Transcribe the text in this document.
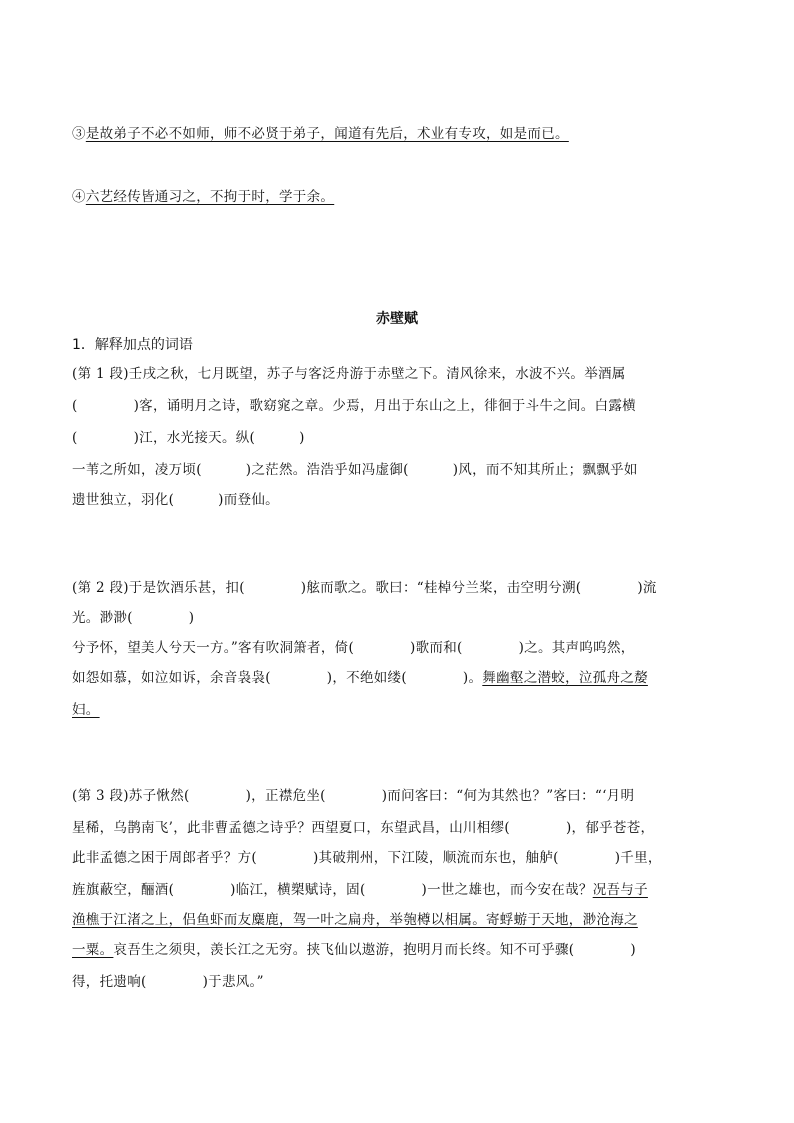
③是故弟子不必不如师，师不必贤于弟子，闻道有先后，术业有专攻，如是而已。
④六艺经传皆通习之，不拘于时，学于余。
赤壁赋
1．解释加点的词语
(第 1 段)壬戌之秋，七月既望，苏子与客泛舟游于赤壁之下。清风徐来，水波不兴。举酒属
(	)客，诵明月之诗，歌窈窕之章。少焉，月出于东山之上，徘徊于斗牛之间。白露横
(	)江，水光接天。纵(	)
一苇之所如，凌万顷(	)之茫然。浩浩乎如冯虚御(	)风，而不知其所止；飘飘乎如
遗世独立，羽化(	)而登仙。
(第 2 段)于是饮酒乐甚，扣(	)舷而歌之。歌曰：“桂棹兮兰桨，击空明兮溯(	)流
光。渺渺(	)
兮予怀，望美人兮天一方。”客有吹洞箫者，倚(	)歌而和(	)之。其声呜呜然，
如怨如慕，如泣如诉，余音袅袅(	)，不绝如缕(	)。舞幽壑之潜蛟，泣孤舟之嫠
妇。
(第 3 段)苏子愀然(	)，正襟危坐(	)而问客曰：“何为其然也？”客曰：“‘月明
星稀，乌鹊南飞’，此非曹孟德之诗乎？西望夏口，东望武昌，山川相缪(	)，郁乎苍苍，
此非孟德之困于周郎者乎？方(	)其破荆州，下江陵，顺流而东也，舳舻(	)千里，
旌旗蔽空，酾酒(	)临江，横槊赋诗，固(	)一世之雄也，而今安在哉？况吾与子
渔樵于江渚之上，侣鱼虾而友麋鹿，驾一叶之扁舟，举匏樽以相属。寄蜉蝣于天地，渺沧海之
一粟。哀吾生之须臾，羡长江之无穷。挟飞仙以遨游，抱明月而长终。知不可乎骤(	)
得，托遗响(	)于悲风。”
